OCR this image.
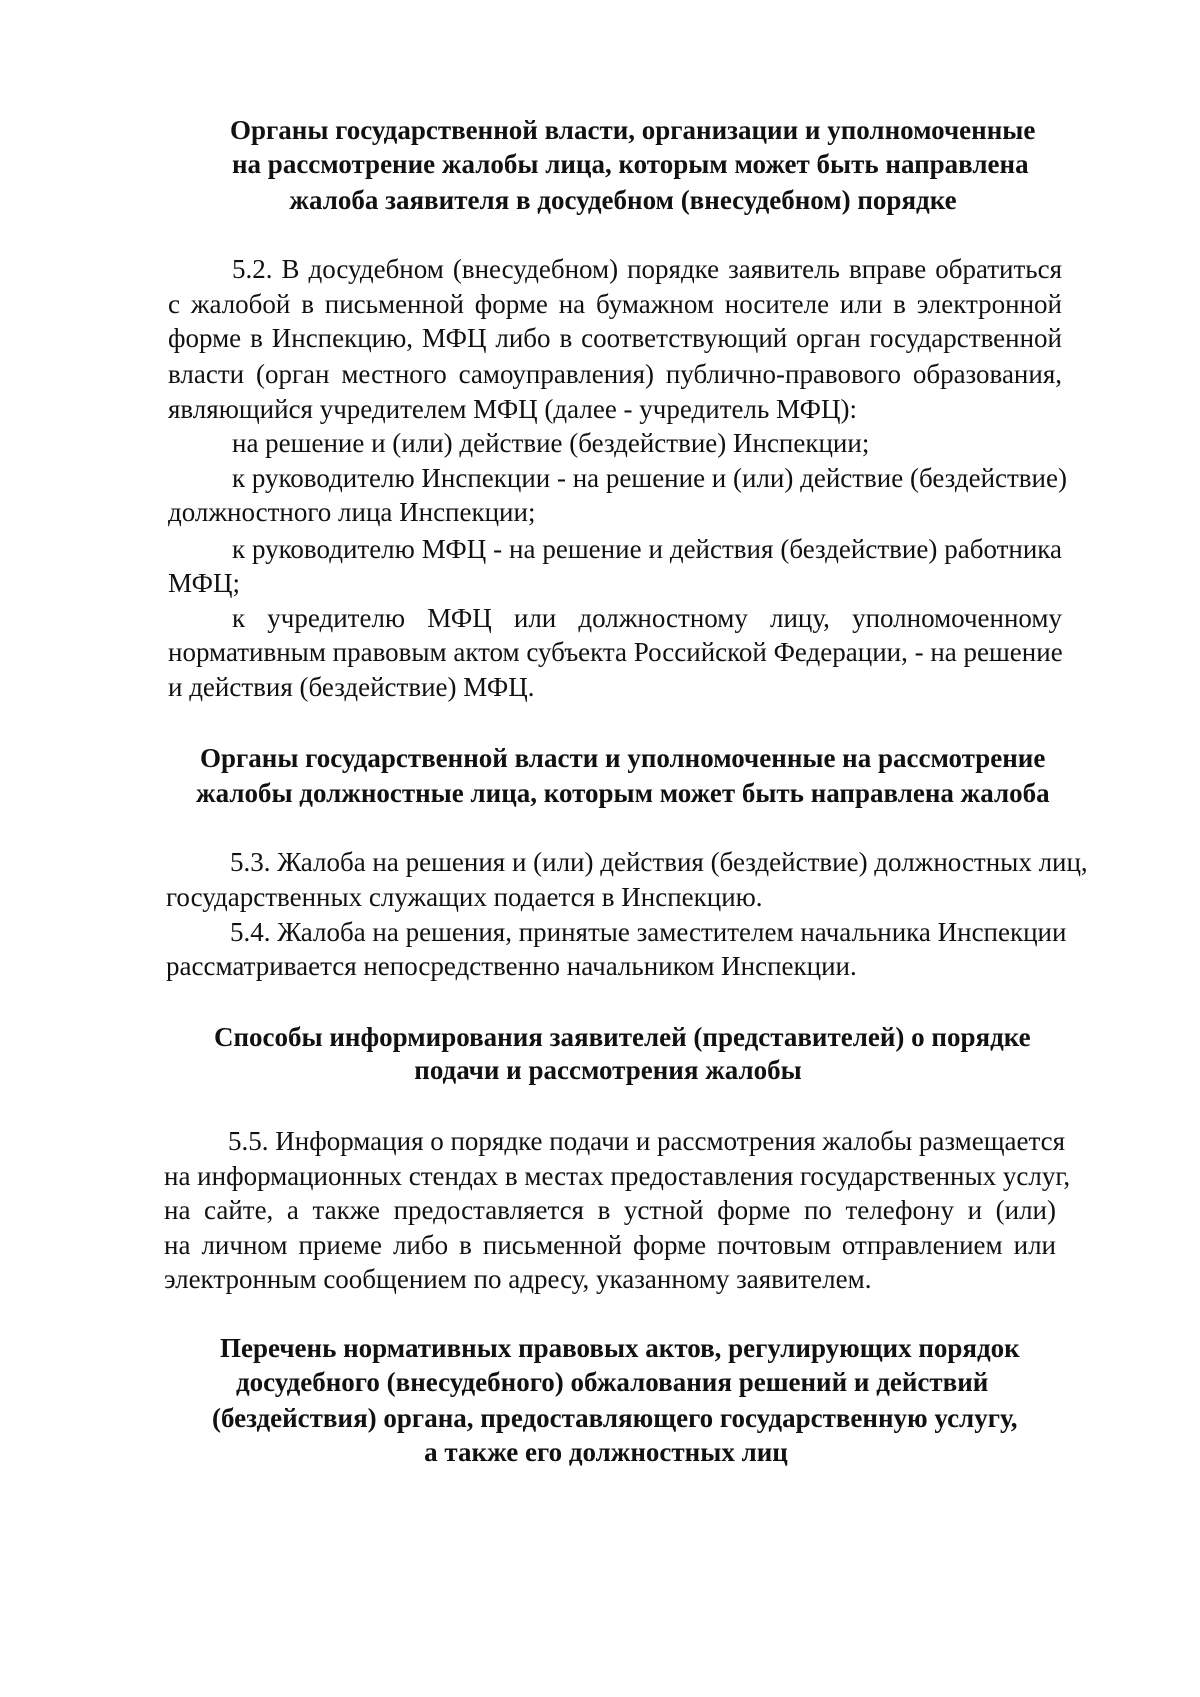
Органы государственной власти, организации и уполномоченные
на рассмотрение жалобы лица, которым может быть направлена
жалоба заявителя в досудебном (внесудебном) порядке
5.2. В досудебном (внесудебном) порядке заявитель вправе обратиться
с жалобой в письменной форме на бумажном носителе или в электронной
форме в Инспекцию, МФЦ либо в соответствующий орган государственной
власти (орган местного самоуправления) публично-правового образования,
являющийся учредителем МФЦ (далее - учредитель МФЦ):
на решение и (или) действие (бездействие) Инспекции;
к руководителю Инспекции - на решение и (или) действие (бездействие)
должностного лица Инспекции;
к руководителю МФЦ - на решение и действия (бездействие) работника
МФЦ;
к учредителю МФЦ или должностному лицу, уполномоченному
нормативным правовым актом субъекта Российской Федерации, - на решение
и действия (бездействие) МФЦ.
Органы государственной власти и уполномоченные на рассмотрение
жалобы должностные лица, которым может быть направлена жалоба
5.3. Жалоба на решения и (или) действия (бездействие) должностных лиц,
государственных служащих подается в Инспекцию.
5.4. Жалоба на решения, принятые заместителем начальника Инспекции
рассматривается непосредственно начальником Инспекции.
Способы информирования заявителей (представителей) о порядке
подачи и рассмотрения жалобы
5.5. Информация о порядке подачи и рассмотрения жалобы размещается
на информационных стендах в местах предоставления государственных услуг,
на сайте, а также предоставляется в устной форме по телефону и (или)
на личном приеме либо в письменной форме почтовым отправлением или
электронным сообщением по адресу, указанному заявителем.
Перечень нормативных правовых актов, регулирующих порядок
досудебного (внесудебного) обжалования решений и действий
(бездействия) органа, предоставляющего государственную услугу,
а также его должностных лиц
